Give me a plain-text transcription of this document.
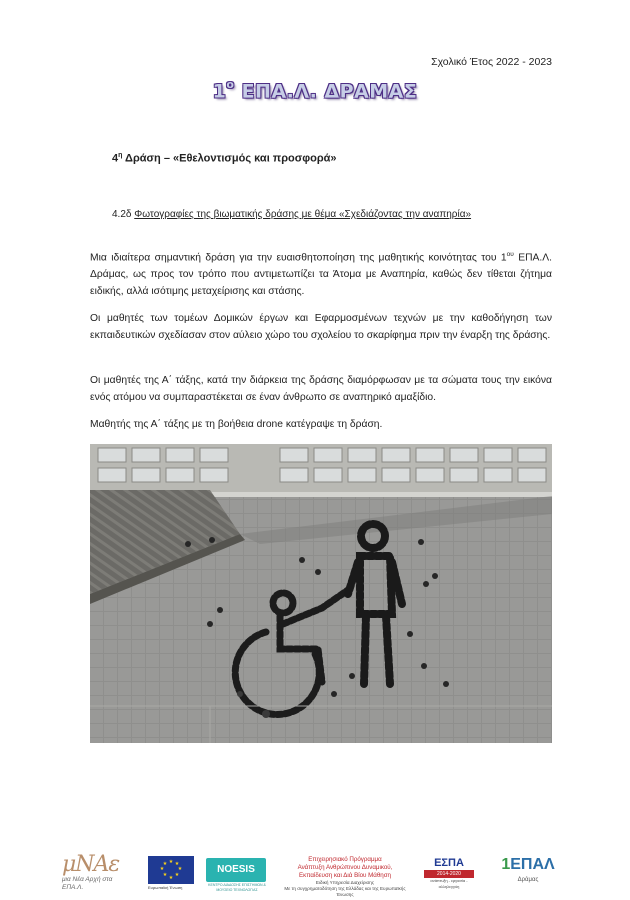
Σχολικό Έτος 2022 - 2023
$1^o$ ΕΠΑ.Λ. ΔΡΑΜΑΣ
$4^\eta$ Δράση – «Εθελοντισμός και προσφορά»
4.2δ Φωτογραφίες της βιωματικής δράσης με θέμα «Σχεδιάζοντας την αναπηρία»

Μια ιδιαίτερα σημαντική δράση για την ευαισθητοποίηση της μαθητικής κοινότητας του $1^{o\upsilon}$ ΕΠΑ.Λ. Δράμας, ως προς τον τρόπο που αντιμετωπίζει τα Άτομα με Αναπηρία, καθώς δεν τίθεται ζήτημα ειδικής, αλλά ισότιμης μεταχείρισης και στάσης.

Οι μαθητές των τομέων Δομικών έργων και Εφαρμοσμένων τεχνών με την καθοδήγηση των εκπαιδευτικών σχεδίασαν στον αύλειο χώρο του σχολείου το σκαρίφημα πριν την έναρξη της δράσης.

Οι μαθητές της Α΄ τάξης, κατά την διάρκεια της δράσης διαμόρφωσαν με τα σώματα τους την εικόνα ενός ατόμου να συμπαραστέκεται σε έναν άνθρωπο σε αναπηρικό αμαξίδιο.

Μαθητής της Α΄ τάξης με τη βοήθεια drone κατέγραψε τη δράση.

μΝΑε
μια Νέα Αρχή στα ΕΠΑ.Λ.
★ ★
★
★
★
★
★
★
Ευρωπαϊκή Ένωση
NOESIS
ΚΕΝΤΡΟ ΔΙΑΔΟΣΗΣ ΕΠΙΣΤΗΜΩΝ & ΜΟΥΣΕΙΟ ΤΕΧΝΟΛΟΓΙΑΣ
Επιχειρησιακό Πρόγραμμα
Ανάπτυξη Ανθρώπινου Δυναμικού,
Εκπαίδευση και Διά Βίου Μάθηση
Ειδική Υπηρεσία Διαχείρισης
Με τη συγχρηματοδότηση της Ελλάδας και της Ευρωπαϊκής Ένωσης
ΕΣΠΑ
2014-2020
ανάπτυξη - εργασία - αλληλεγγύη
1ΕΠΑΛ
Δράμας
